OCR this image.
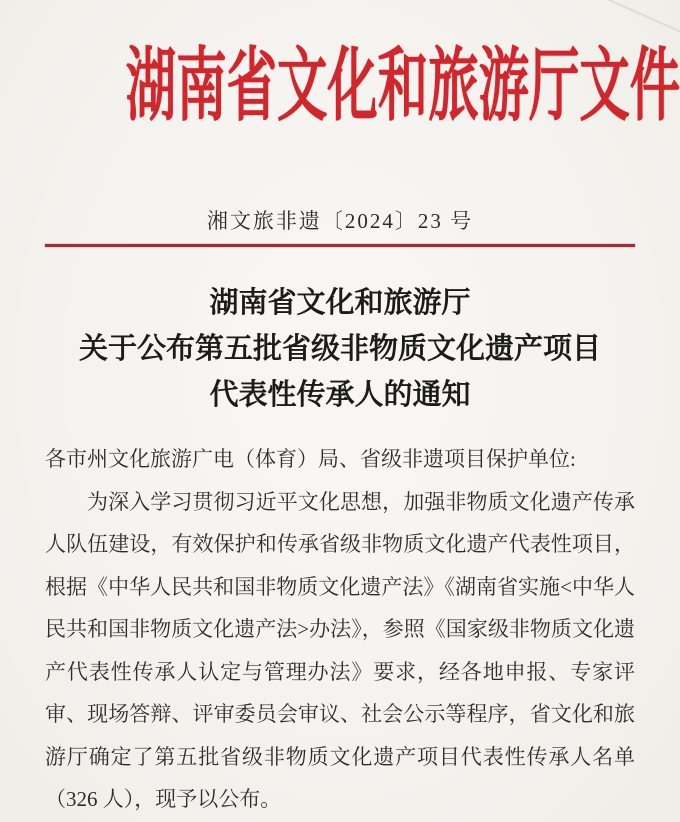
湖南省文化和旅游厅文件
湘文旅非遗〔2024〕23 号
湖南省文化和旅游厅
关于公布第五批省级非物质文化遗产项目
代表性传承人的通知

各市州文化旅游广电（体育）局、省级非遗项目保护单位:

为深入学习贯彻习近平文化思想，加强非物质文化遗产传承人队伍建设，有效保护和传承省级非物质文化遗产代表性项目，根据《中华人民共和国非物质文化遗产法》《湖南省实施<中华人民共和国非物质文化遗产法>办法》，参照《国家级非物质文化遗产代表性传承人认定与管理办法》要求，经各地申报、专家评审、现场答辩、评审委员会审议、社会公示等程序，省文化和旅游厅确定了第五批省级非物质文化遗产项目代表性传承人名单（326 人），现予以公布。
